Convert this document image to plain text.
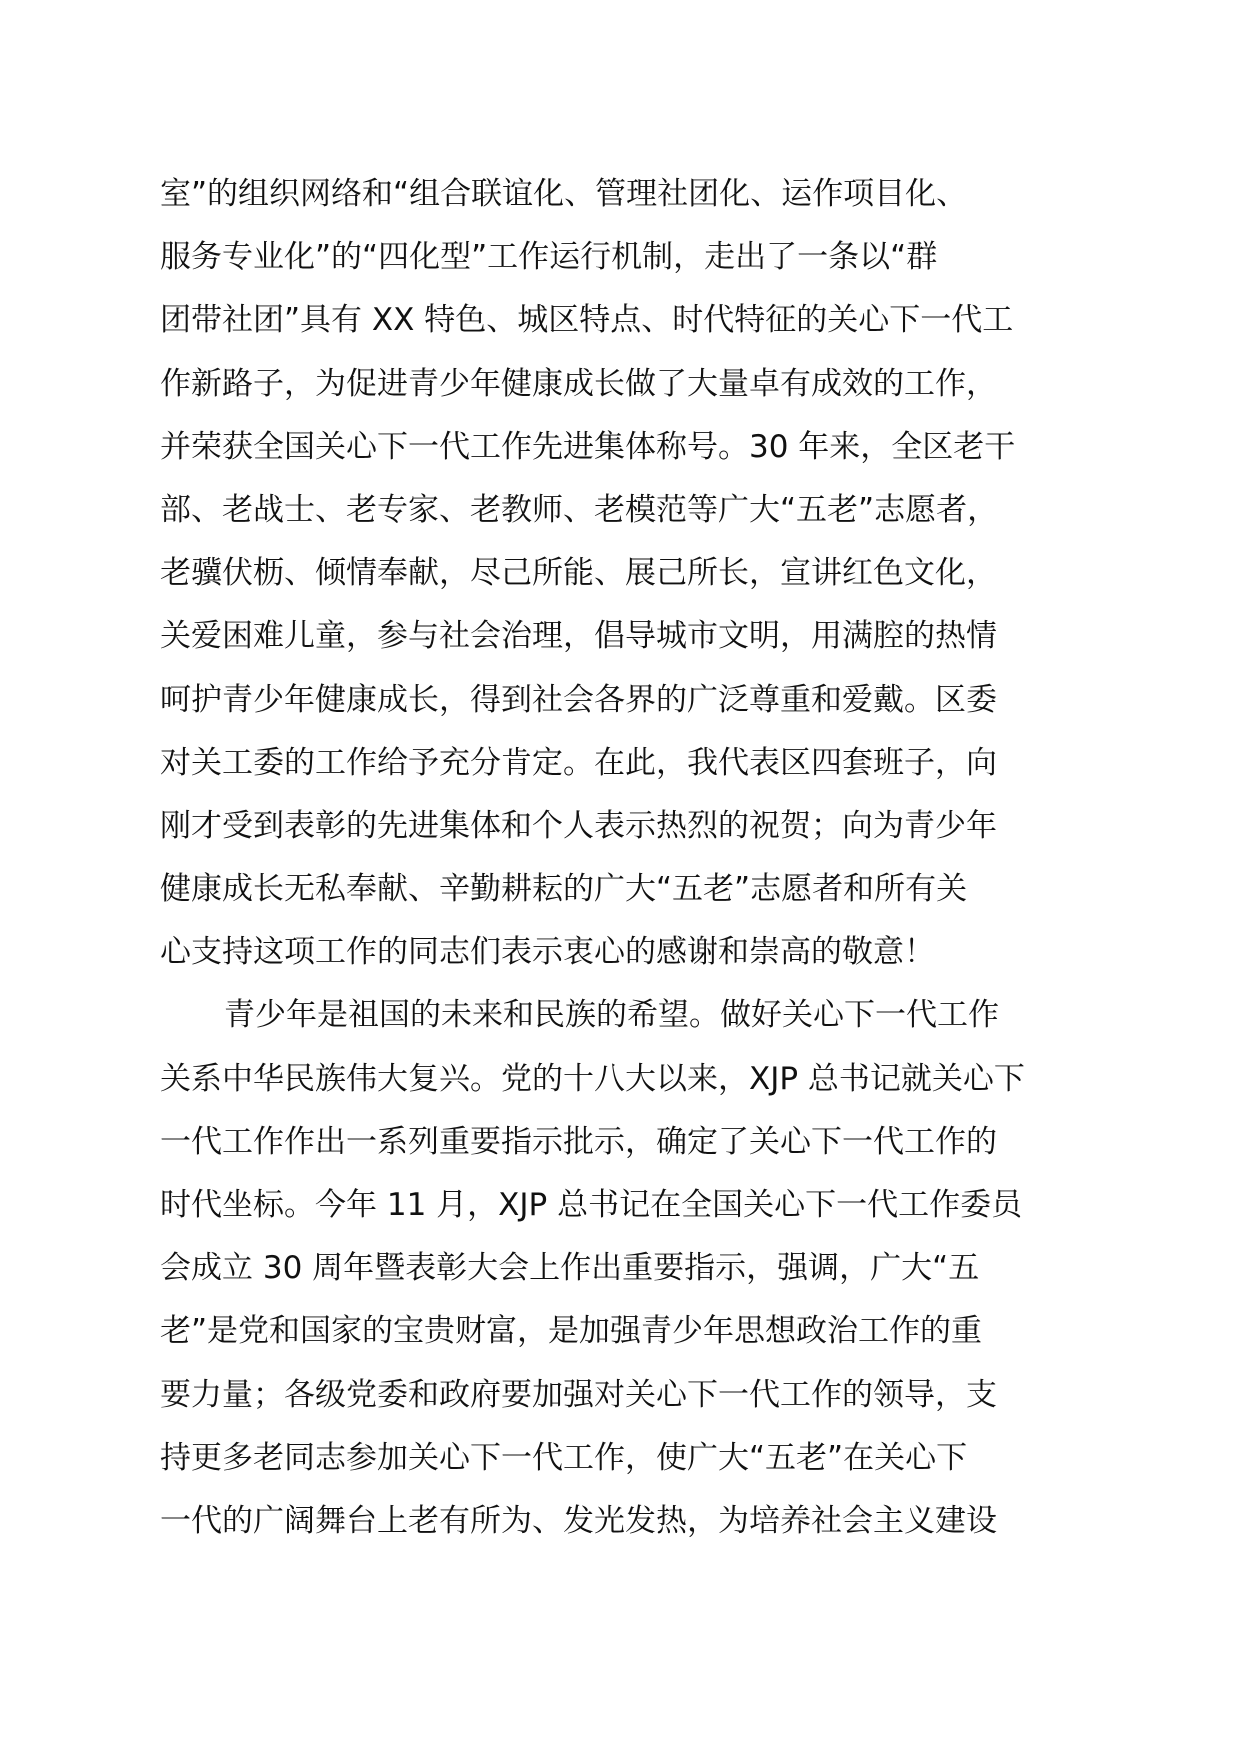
室”的组织网络和“组合联谊化、管理社团化、运作项目化、
服务专业化”的“四化型”工作运行机制，走出了一条以“群
团带社团”具有 XX 特色、城区特点、时代特征的关心下一代工
作新路子，为促进青少年健康成长做了大量卓有成效的工作，
并荣获全国关心下一代工作先进集体称号。30 年来，全区老干
部、老战士、老专家、老教师、老模范等广大“五老”志愿者，
老骥伏枥、倾情奉献，尽己所能、展己所长，宣讲红色文化，
关爱困难儿童，参与社会治理，倡导城市文明，用满腔的热情
呵护青少年健康成长，得到社会各界的广泛尊重和爱戴。区委
对关工委的工作给予充分肯定。在此，我代表区四套班子，向
刚才受到表彰的先进集体和个人表示热烈的祝贺；向为青少年
健康成长无私奉献、辛勤耕耘的广大“五老”志愿者和所有关
心支持这项工作的同志们表示衷心的感谢和崇高的敬意！
青少年是祖国的未来和民族的希望。做好关心下一代工作
关系中华民族伟大复兴。党的十八大以来，XJP 总书记就关心下
一代工作作出一系列重要指示批示，确定了关心下一代工作的
时代坐标。今年 11 月，XJP 总书记在全国关心下一代工作委员
会成立 30 周年暨表彰大会上作出重要指示，强调，广大“五
老”是党和国家的宝贵财富，是加强青少年思想政治工作的重
要力量；各级党委和政府要加强对关心下一代工作的领导，支
持更多老同志参加关心下一代工作，使广大“五老”在关心下
一代的广阔舞台上老有所为、发光发热，为培养社会主义建设
